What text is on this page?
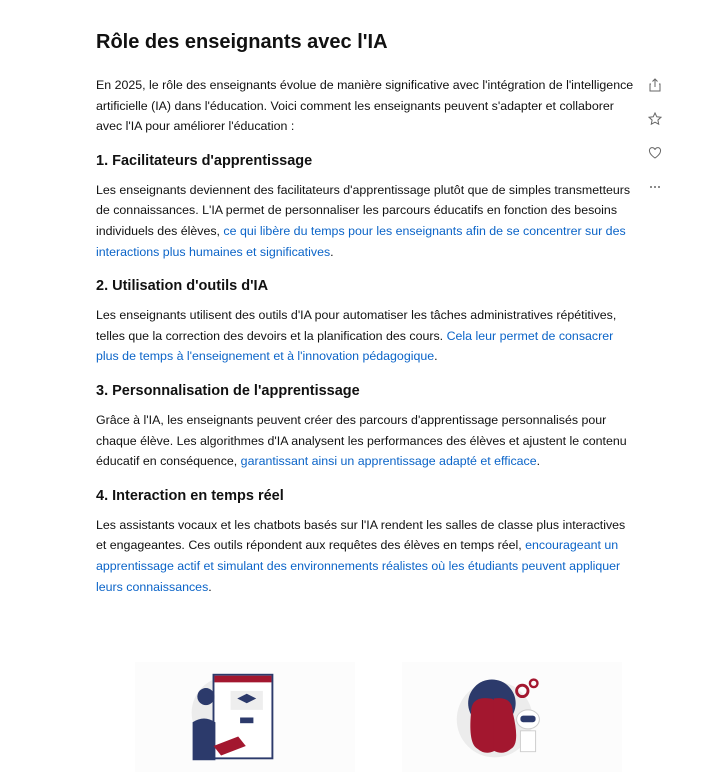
Rôle des enseignants avec l'IA

En 2025, le rôle des enseignants évolue de manière significative avec l'intégration de l'intelligence artificielle (IA) dans l'éducation. Voici comment les enseignants peuvent s'adapter et collaborer avec l'IA pour améliorer l'éducation :

1. Facilitateurs d'apprentissage

Les enseignants deviennent des facilitateurs d'apprentissage plutôt que de simples transmetteurs de connaissances. L'IA permet de personnaliser les parcours éducatifs en fonction des besoins individuels des élèves, ce qui libère du temps pour les enseignants afin de se concentrer sur des interactions plus humaines et significatives.

2. Utilisation d'outils d'IA

Les enseignants utilisent des outils d'IA pour automatiser les tâches administratives répétitives, telles que la correction des devoirs et la planification des cours. Cela leur permet de consacrer plus de temps à l'enseignement et à l'innovation pédagogique.

3. Personnalisation de l'apprentissage

Grâce à l'IA, les enseignants peuvent créer des parcours d'apprentissage personnalisés pour chaque élève. Les algorithmes d'IA analysent les performances des élèves et ajustent le contenu éducatif en conséquence, garantissant ainsi un apprentissage adapté et efficace.

4. Interaction en temps réel

Les assistants vocaux et les chatbots basés sur l'IA rendent les salles de classe plus interactives et engageantes. Ces outils répondent aux requêtes des élèves en temps réel, encourageant un apprentissage actif et simulant des environnements réalistes où les étudiants peuvent appliquer leurs connaissances.
